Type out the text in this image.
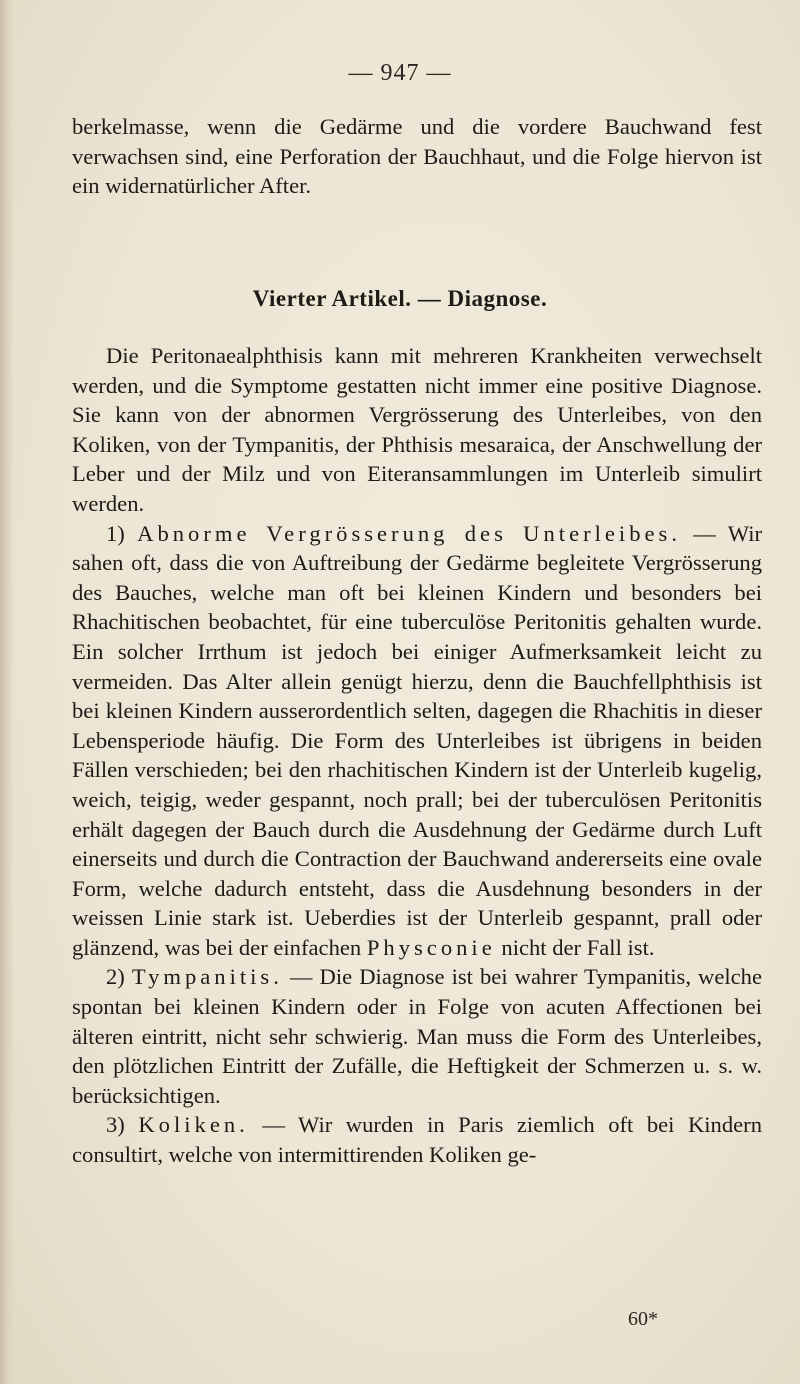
— 947 —

berkelmasse, wenn die Gedärme und die vordere Bauchwand fest verwachsen sind, eine Perforation der Bauchhaut, und die Folge hiervon ist ein widernatürlicher After.

Vierter Artikel. — Diagnose.

Die Peritonaealphthisis kann mit mehreren Krankheiten verwechselt werden, und die Symptome gestatten nicht immer eine positive Diagnose. Sie kann von der abnormen Vergrösserung des Unterleibes, von den Koliken, von der Tympanitis, der Phthisis mesaraica, der Anschwellung der Leber und der Milz und von Eiteransammlungen im Unterleib simulirt werden.

1) Abnorme Vergrösserung des Unterleibes. — Wir sahen oft, dass die von Auftreibung der Gedärme begleitete Vergrösserung des Bauches, welche man oft bei kleinen Kindern und besonders bei Rhachitischen beobachtet, für eine tuberculöse Peritonitis gehalten wurde. Ein solcher Irrthum ist jedoch bei einiger Aufmerksamkeit leicht zu vermeiden. Das Alter allein genügt hierzu, denn die Bauchfellphthisis ist bei kleinen Kindern ausserordentlich selten, dagegen die Rhachitis in dieser Lebensperiode häufig. Die Form des Unterleibes ist übrigens in beiden Fällen verschieden; bei den rhachitischen Kindern ist der Unterleib kugelig, weich, teigig, weder gespannt, noch prall; bei der tuberculösen Peritonitis erhält dagegen der Bauch durch die Ausdehnung der Gedärme durch Luft einerseits und durch die Contraction der Bauchwand andererseits eine ovale Form, welche dadurch entsteht, dass die Ausdehnung besonders in der weissen Linie stark ist. Ueberdies ist der Unterleib gespannt, prall oder glänzend, was bei der einfachen Physconie nicht der Fall ist.

2) Tympanitis. — Die Diagnose ist bei wahrer Tympanitis, welche spontan bei kleinen Kindern oder in Folge von acuten Affectionen bei älteren eintritt, nicht sehr schwierig. Man muss die Form des Unterleibes, den plötzlichen Eintritt der Zufälle, die Heftigkeit der Schmerzen u. s. w. berücksichtigen.

3) Koliken. — Wir wurden in Paris ziemlich oft bei Kindern consultirt, welche von intermittirenden Koliken ge-

60*
